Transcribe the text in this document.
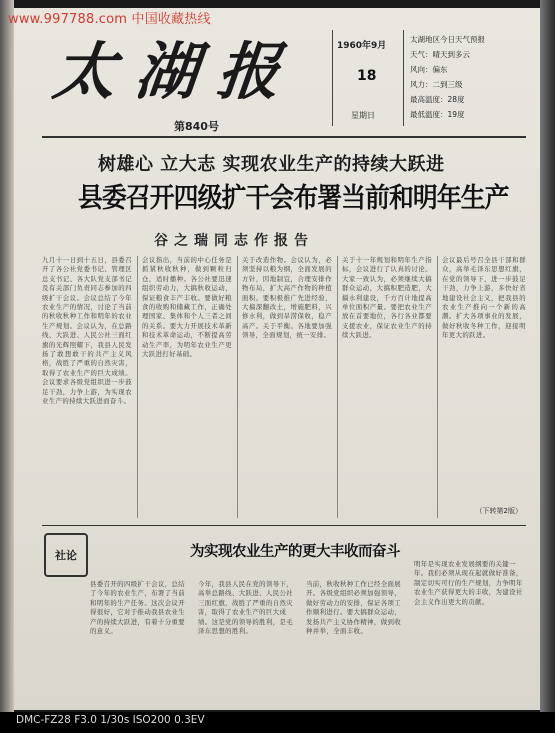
太湖报
第840号
1960年9月
18
星期日
太湖地区今日天气预报
天气：晴天到多云
风向：偏东
风力：二到三级
最高温度：28度
最低温度：19度
树雄心 立大志 实现农业生产的持续大跃进
县委召开四级扩干会布署当前和明年生产
谷之瑞同志作报告

九月十一日到十五日，县委召开了各公社党委书记、管理区总支书记、各大队党支部书记及有关部门负责同志参加的四级扩干会议。会议总结了今年农业生产的情况，讨论了当前的秋收秋种工作和明年的农业生产规划。会议认为，在总路线、大跃进、人民公社三面红旗的光辉照耀下，我县人民发扬了敢想敢干的共产主义风格，战胜了严重的自然灾害，取得了农业生产的巨大成绩。会议要求各级党组织进一步鼓足干劲，力争上游，为实现农业生产的持续大跃进而奋斗。

会议指出，当前的中心任务是抓紧秋收秋种，做到颗粒归仓，适时播种。各公社要迅速组织劳动力，大搞秋收运动，保证粮食丰产丰收。要做好粮食的收购和储藏工作，正确处理国家、集体和个人三者之间的关系。要大力开展技术革新和技术革命运动，不断提高劳动生产率，为明年农业生产更大跃进打好基础。

关于改造作物。会议认为，必须坚持以粮为纲，全面发展的方针，因地制宜，合理安排作物布局，扩大高产作物的种植面积。要积极推广先进经验，大搞深翻改土，增施肥料，兴修水利，做到旱涝保收，稳产高产。关于平衡。各地要加强领导，全面规划，统一安排。

关于十一年规划和明年生产指标，会议进行了认真的讨论。大家一致认为，必须继续大搞群众运动，大搞积肥造肥，大搞水利建设，千方百计地提高单位面积产量。要把农业生产放在首要地位，各行各业都要支援农业，保证农业生产的持续大跃进。

会议最后号召全县干部和群众，高举毛泽东思想红旗，在党的领导下，进一步鼓足干劲，力争上游，多快好省地建设社会主义，把我县的农业生产推向一个新的高潮。扩大各项事业的发展，做好秋收冬种工作，迎接明年更大的跃进。

（下转第2版）
社论	为实现农业生产的更大丰收而奋斗

县委召开的四级扩干会议，总结了今年的农业生产，布署了当前和明年的生产任务。这次会议开得很好，它对于推动我县农业生产的持续大跃进，有着十分重要的意义。

今年，我县人民在党的领导下，高举总路线、大跃进、人民公社三面红旗，战胜了严重的自然灾害，取得了农业生产的巨大成绩。这是党的领导的胜利，是毛泽东思想的胜利。

当前，秋收秋种工作已经全面展开。各级党组织必须加强领导，做好劳动力的安排，保证各项工作顺利进行。要大搞群众运动，发扬共产主义协作精神，做到收种并举，全面丰收。

明年是实现农业发展纲要的关键一年。我们必须从现在起就做好准备，制定切实可行的生产规划，力争明年农业生产获得更大的丰收，为建设社会主义作出更大的贡献。

www.997788.com 中国收藏热线
DMC-FZ28 F3.0 1/30s ISO200 0.3EV
